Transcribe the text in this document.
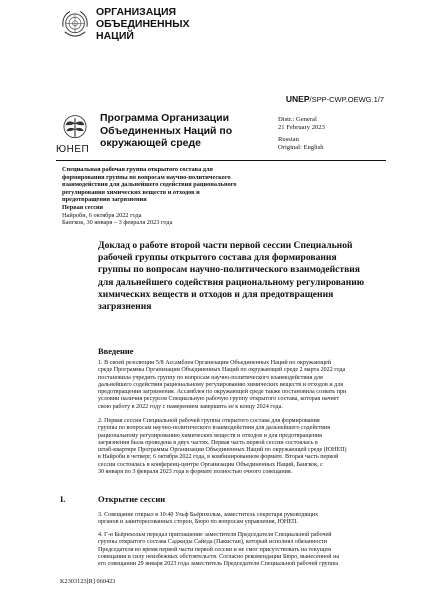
ОРГАНИЗАЦИЯ
ОБЪЕДИНЕННЫХ
НАЦИЙ
UNEP/SPP-CWP.OEWG.1/7
ЮНЕП
Программа Организации
Объединенных Наций по
окружающей среде
Distr.: General
21 February 2023
Russian
Original: English
Специальная рабочая группа открытого состава для
формирования группы по вопросам научно-политического
взаимодействия для дальнейшего содействия рационального
регулирования химических веществ и отходов и
предотвращения загрязнения
Первая сессия
Найроби, 6 октября 2022 года
Бангкок, 30 января – 3 февраля 2023 года
Доклад о работе второй части первой сессии Специальной
рабочей группы открытого состава для формирования
группы по вопросам научно-политического взаимодействия
для дальнейшего содействия рациональному регулированию
химических веществ и отходов и для предотвращения
загрязнения
Введение
1. В своей резолюции 5/8 Ассамблея Организации Объединенных Наций по окружающей
среде Программы Организации Объединенных Наций по окружающей среде 2 марта 2022 года
постановила учредить группу по вопросам научно-политического взаимодействия для
дальнейшего содействия рациональному регулированию химических веществ и отходов и для
предотвращения загрязнения. Ассамблея по окружающей среде также постановила созвать при
условии наличия ресурсов Специальную рабочую группу открытого состава, которая начнет
свою работу в 2022 году с намерением завершить ее к концу 2024 года.
2. Первая сессия Специальной рабочей группы открытого состава для формирования
группы по вопросам научно-политического взаимодействия для дальнейшего содействия
рациональному регулированию химических веществ и отходов и для предотвращения
загрязнения была проведена в двух частях. Первая часть первой сессии состоялась в
штаб-квартире Программы Организации Объединенных Наций по окружающей среде (ЮНЕП)
в Найроби в четверг, 6 октября 2022 года, в комбинированном формате. Вторая часть первой
сессии состоялась в конференц-центре Организации Объединенных Наций, Бангкок, с
30 января по 3 февраля 2023 года в формате полностью очного совещания.
I.	Открытие сессии
3. Совещание открыл в 10:40 Ульф Бьёрнхольм, заместитель секретаря руководящих
органов и заинтересованных сторон, Бюро по вопросам управления, ЮНЕП.
4. Г-н Бьёрнхольм передал приглашение заместителя Председателя Специальной рабочей
группы открытого состава Саджиды Сайеда (Пакистан), который исполнял обязанности
Председателя во время первой части первой сессии и не смог присутствовать на текущем
совещании в силу неизбежных обстоятельств. Согласно рекомендации Бюро, вынесенной на
его совещании 29 января 2023 года заместитель Председателя Специальной рабочей группы
K2303123[R] 060423
